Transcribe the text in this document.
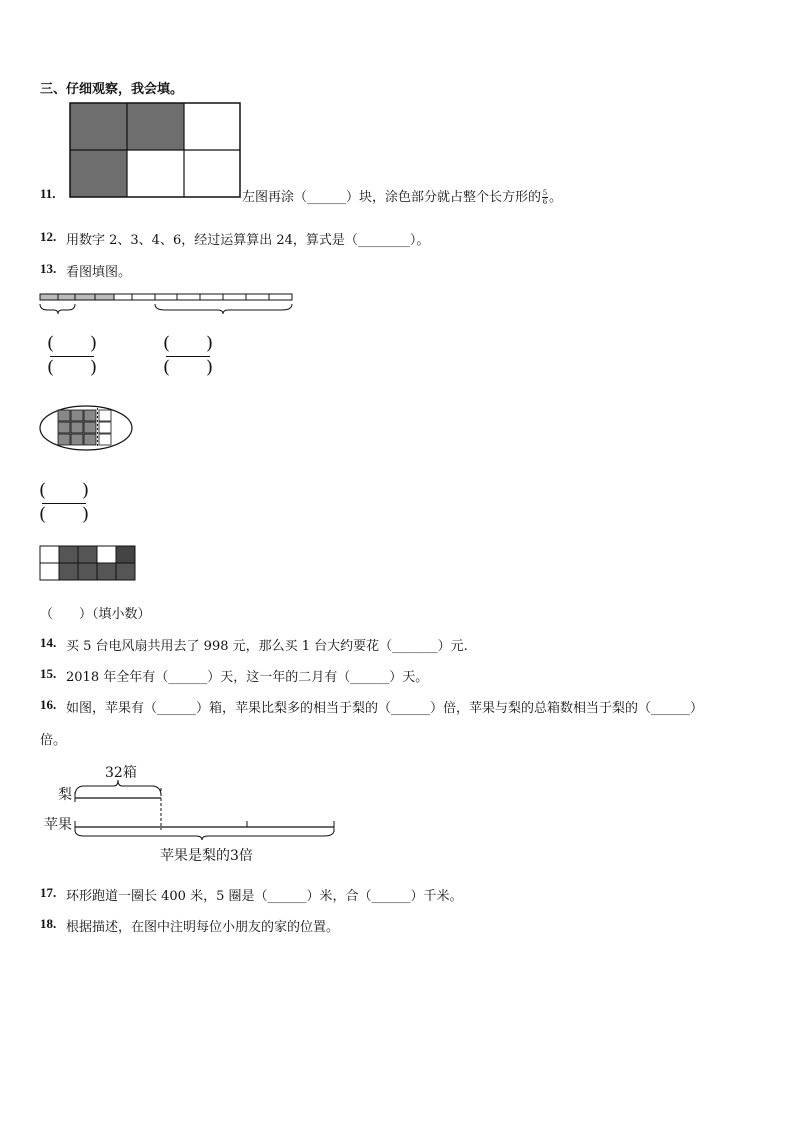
三、仔细观察，我会填。
11.	左图再涂（______）块，涂色部分就占整个长方形的$\frac{5}{6}$。
12. 用数字 2、3、4、6，经过运算算出 24，算式是（________）。
13. 看图填图。
(   )
(   )
(   )
(   )
(   )
(   )
（　　）（填小数）
14. 买 5 台电风扇共用去了 998 元，那么买 1 台大约要花（_______）元.
15. 2018 年全年有（______）天，这一年的二月有（______）天。
16. 如图，苹果有（______）箱，苹果比梨多的相当于梨的（______）倍，苹果与梨的总箱数相当于梨的（______）
倍。
32箱
梨
苹果
苹果是梨的3倍
17. 环形跑道一圈长 400 米，5 圈是（______）米，合（______）千米。
18. 根据描述，在图中注明每位小朋友的家的位置。
